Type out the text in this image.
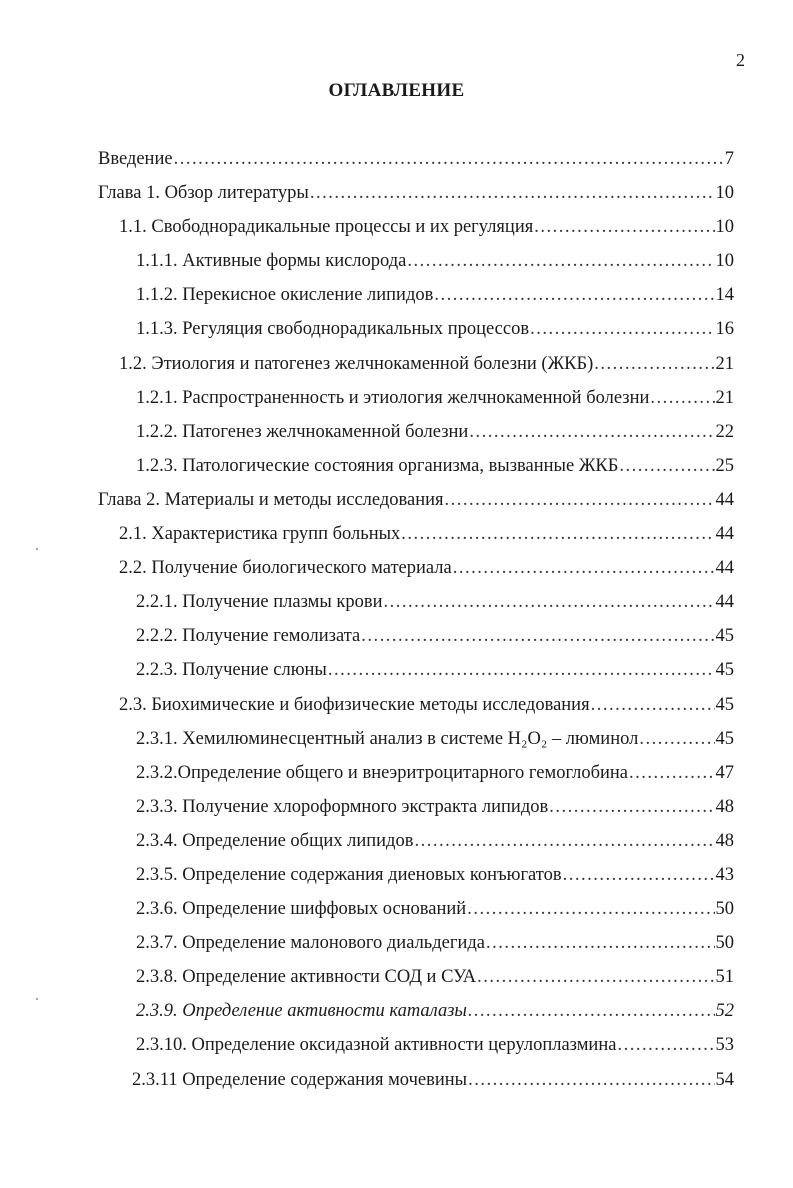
2
ОГЛАВЛЕНИЕ
Введение .....	7
Глава 1. Обзор литературы .....	10
1.1. Свободнорадикальные процессы и их регуляция .....	10
1.1.1. Активные формы кислорода .....	10
1.1.2. Перекисное окисление липидов .....	14
1.1.3. Регуляция свободнорадикальных процессов .....	16
1.2. Этиология и патогенез желчнокаменной болезни (ЖКБ) .....	21
1.2.1. Распространенность и этиология желчнокаменной болезни .....	21
1.2.2. Патогенез желчнокаменной болезни .....	22
1.2.3. Патологические состояния организма, вызванные ЖКБ .....	25
Глава 2. Материалы и методы исследования .....	44
2.1. Характеристика групп больных .....	44
2.2. Получение биологического материала .....	44
2.2.1. Получение плазмы крови .....	44
2.2.2. Получение гемолизата .....	45
2.2.3. Получение слюны .....	45
2.3. Биохимические и биофизические методы исследования .....	45
2.3.1. Хемилюминесцентный анализ в системе H₂O₂ – люминол .....	45
2.3.2.Определение общего и внеэритроцитарного гемоглобина .....	47
2.3.3. Получение хлороформного экстракта липидов .....	48
2.3.4. Определение общих липидов .....	48
2.3.5. Определение содержания диеновых конъюгатов .....	43
2.3.6. Определение шиффовых оснований .....	50
2.3.7. Определение малонового диальдегида .....	50
2.3.8. Определение активности СОД и СУА .....	51
2.3.9. Определение активности каталазы .....	52
2.3.10. Определение оксидазной активности церулоплазмина .....	53
2.3.11 Определение содержания мочевины .....	54
